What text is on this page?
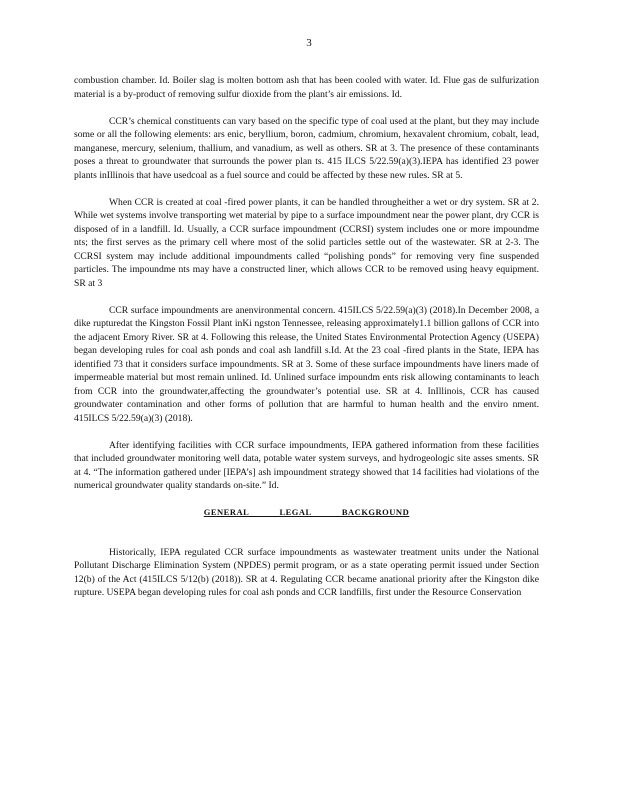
3

combustion chamber. Id. Boiler slag is molten bottom ash that has been cooled with water. Id. Flue gas de sulfurization material is a by-product of removing sulfur dioxide from the plant’s air emissions. Id.

CCR’s chemical constituents can vary based on the specific type of coal used at the plant, but they may include some or all the following elements: ars enic, beryllium, boron, cadmium, chromium, hexavalent chromium, cobalt, lead, manganese, mercury, selenium, thallium, and vanadium, as well as others. SR at 3. The presence of these contaminants poses a threat to groundwater that surrounds the power plan ts. 415 ILCS 5/22.59(a)(3).IEPA has identified 23 power plants inIllinois that have usedcoal as a fuel source and could be affected by these new rules. SR at 5.

When CCR is created at coal -fired power plants, it can be handled througheither a wet or dry system. SR at 2. While wet systems involve transporting wet material by pipe to a surface impoundment near the power plant, dry CCR is disposed of in a landfill. Id. Usually, a CCR surface impoundment (CCRSI) system includes one or more impoundme nts; the first serves as the primary cell where most of the solid particles settle out of the wastewater. SR at 2-3. The CCRSI system may include additional impoundments called “polishing ponds” for removing very fine suspended particles. The impoundme nts may have a constructed liner, which allows CCR to be removed using heavy equipment. SR at 3

CCR surface impoundments are anenvironmental concern. 415ILCS 5/22.59(a)(3) (2018).In December 2008, a dike rupturedat the Kingston Fossil Plant inKi ngston Tennessee, releasing approximately1.1 billion gallons of CCR into the adjacent Emory River. SR at 4. Following this release, the United States Environmental Protection Agency (USEPA) began developing rules for coal ash ponds and coal ash landfill s.Id. At the 23 coal -fired plants in the State, IEPA has identified 73 that it considers surface impoundments. SR at 3. Some of these surface impoundments have liners made of impermeable material but most remain unlined. Id. Unlined surface impoundm ents risk allowing contaminants to leach from CCR into the groundwater,affecting the groundwater’s potential use. SR at 4. InIllinois, CCR has caused groundwater contamination and other forms of pollution that are harmful to human health and the enviro nment. 415ILCS 5/22.59(a)(3) (2018).

After identifying facilities with CCR surface impoundments, IEPA gathered information from these facilities that included groundwater monitoring well data, potable water system surveys, and hydrogeologic site asses sments. SR at 4. “The information gathered under [IEPA’s] ash impoundment strategy showed that 14 facilities had violations of the numerical groundwater quality standards on-site.” Id.

GENERAL LEGAL BACKGROUND

Historically, IEPA regulated CCR surface impoundments as wastewater treatment units under the National Pollutant Discharge Elimination System (NPDES) permit program, or as a state operating permit issued under Section 12(b) of the Act (415ILCS 5/12(b) (2018)). SR at 4. Regulating CCR became anational priority after the Kingston dike rupture. USEPA began developing rules for coal ash ponds and CCR landfills, first under the Resource Conservation
